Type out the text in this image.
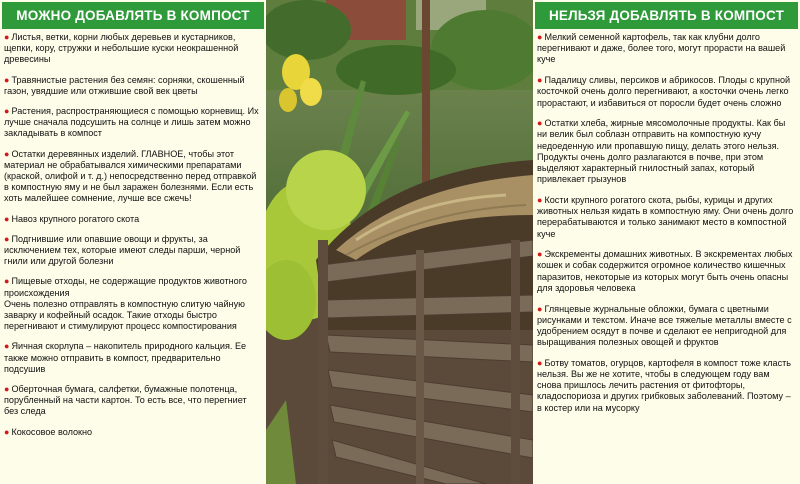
МОЖНО ДОБАВЛЯТЬ В КОМПОСТ
● Листья, ветки, корни любых деревьев и кустарников, щепки, кору, стружки и небольшие куски неокрашенной древесины
● Травянистые растения без семян: сорняки, скошенный газон, увядшие или отжившие свой век цветы
● Растения, распространяющиеся с помощью корневищ. Их лучше сначала подсушить на солнце и лишь затем можно закладывать в компост
● Остатки деревянных изделий. ГЛАВНОЕ, чтобы этот материал не обрабатывался химическими препаратами (краской, олифой и т. д.) непосредственно перед отправкой в компостную яму и не был заражен болезнями. Если есть хоть малейшее сомнение, лучше все сжечь!
● Навоз крупного рогатого скота
● Подгнившие или опавшие овощи и фрукты, за исключением тех, которые имеют следы парши, черной гнили или другой болезни
● Пищевые отходы, не содержащие продуктов животного происхождения
Очень полезно отправлять в компостную слитую чайную заварку и кофейный осадок. Такие отходы быстро перегнивают и стимулируют процесс компостирования
● Яичная скорлупа – накопитель природного кальция. Ее также можно отправить в компост, предварительно подсушив
● Оберточная бумага, салфетки, бумажные полотенца, порубленный на части картон. То есть все, что перегниет без следа
● Кокосовое волокно
НЕЛЬЗЯ ДОБАВЛЯТЬ В КОМПОСТ
● Мелкий семенной картофель, так как клубни долго перегнивают и даже, более того, могут прорасти на вашей куче
● Падалицу сливы, персиков и абрикосов. Плоды с крупной косточкой очень долго перегнивают, а косточки очень легко прорастают, и избавиться от поросли будет очень сложно
● Остатки хлеба, жирные мясомолочные продукты. Как бы ни велик был соблазн отправить на компостную кучу недоеденную или пропавшую пищу, делать этого нельзя. Продукты очень долго разлагаются в почве, при этом выделяют характерный гнилостный запах, который привлекает грызунов
● Кости крупного рогатого скота, рыбы, курицы и других животных нельзя кидать в компостную яму. Они очень долго перерабатываются и только занимают место в компостной куче
● Экскременты домашних животных. В экскрементах любых кошек и собак содержится огромное количество кишечных паразитов, некоторые из которых могут быть очень опасны для здоровья человека
● Глянцевые журнальные обложки, бумага с цветными рисунками и текстом. Иначе все тяжелые металлы вместе с удобрением осядут в почве и сделают ее непригодной для выращивания полезных овощей и фруктов
● Ботву томатов, огурцов, картофеля в компост тоже класть нельзя. Вы же не хотите, чтобы в следующем году вам снова пришлось лечить растения от фитофторы, кладоспориоза и других грибковых заболеваний. Поэтому – в костер или на мусорку
